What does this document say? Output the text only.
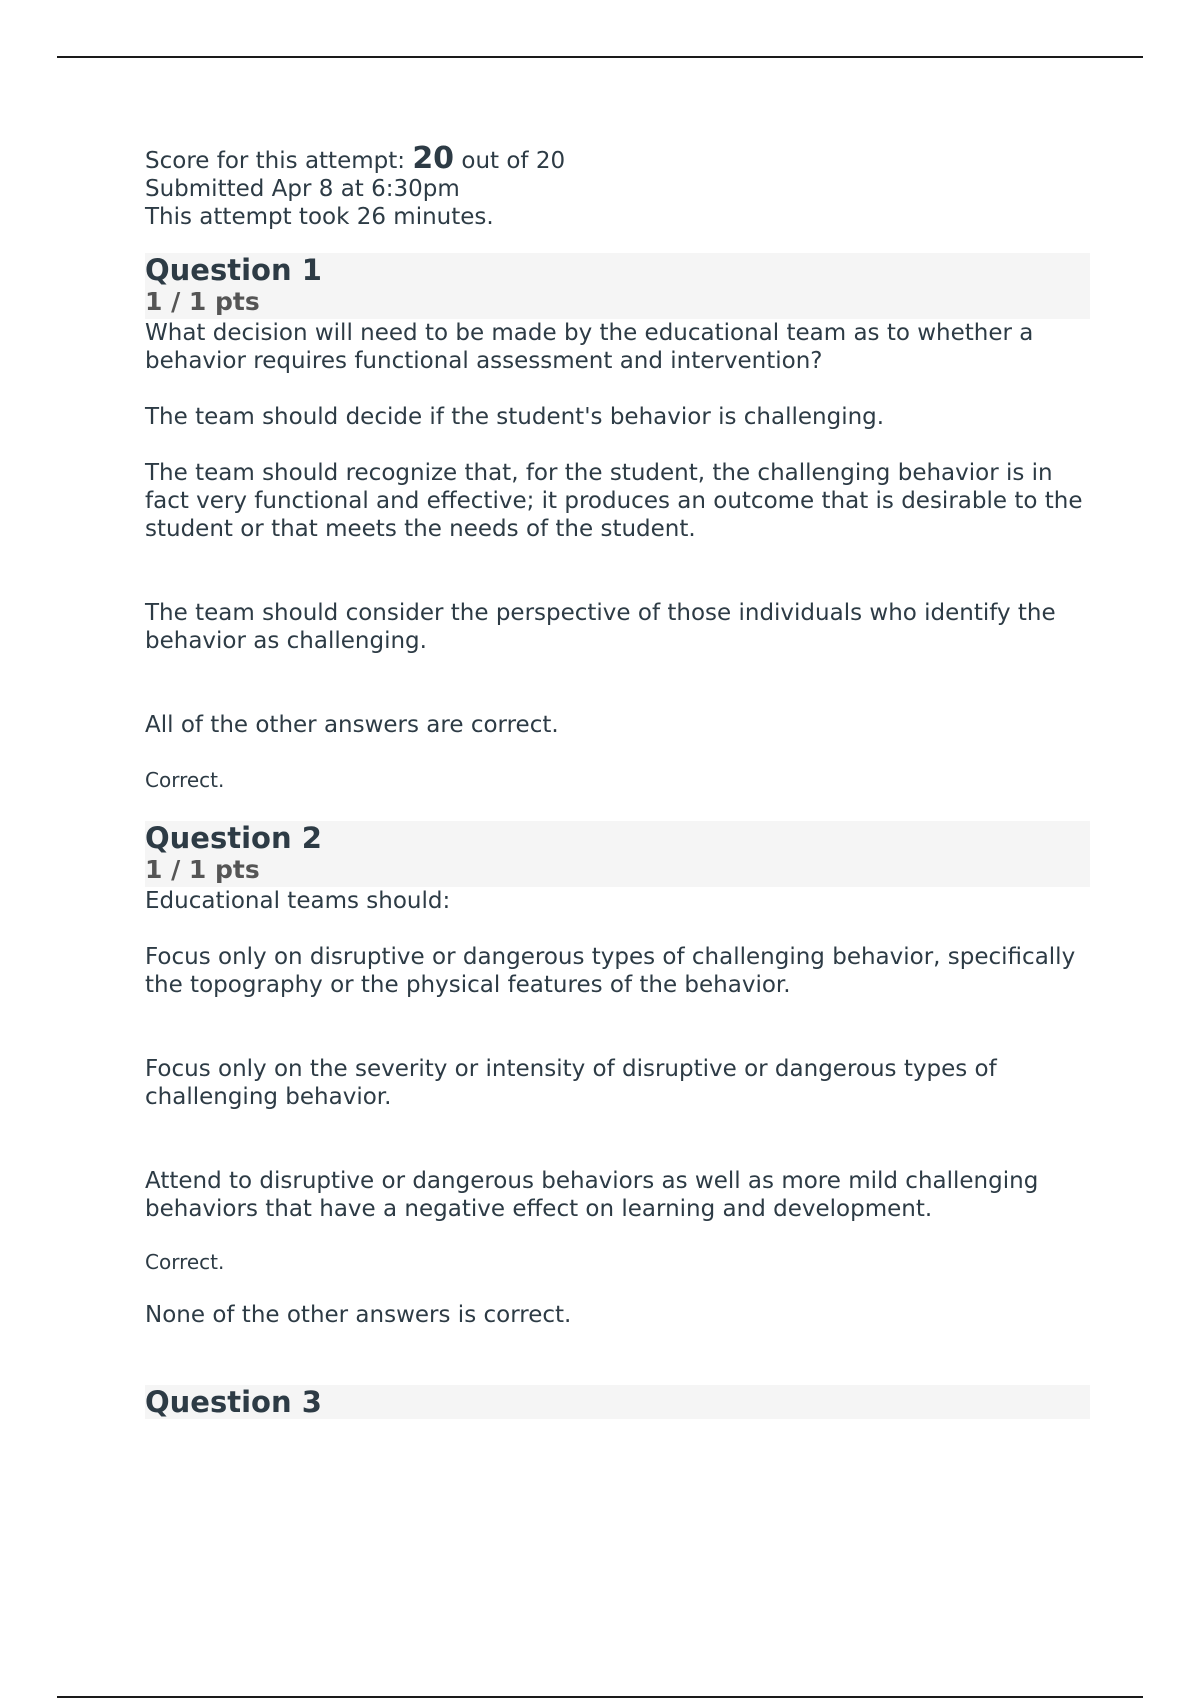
Score for this attempt: 20 out of 20
Submitted Apr 8 at 6:30pm
This attempt took 26 minutes.
Question 1
1 / 1 pts
What decision will need to be made by the educational team as to whether a behavior requires functional assessment and intervention?
The team should decide if the student's behavior is challenging.
The team should recognize that, for the student, the challenging behavior is in fact very functional and effective; it produces an outcome that is desirable to the student or that meets the needs of the student.
The team should consider the perspective of those individuals who identify the behavior as challenging.
All of the other answers are correct.
Correct.
Question 2
1 / 1 pts
Educational teams should:
Focus only on disruptive or dangerous types of challenging behavior, specifically the topography or the physical features of the behavior.
Focus only on the severity or intensity of disruptive or dangerous types of challenging behavior.
Attend to disruptive or dangerous behaviors as well as more mild challenging behaviors that have a negative effect on learning and development.
Correct.
None of the other answers is correct.
Question 3
